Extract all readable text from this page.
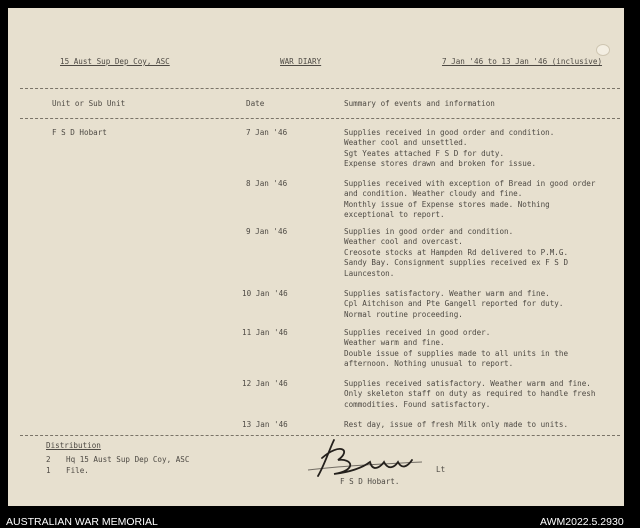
15 Aust Sup Dep Coy, ASC	WAR DIARY	7 Jan '46 to 13 Jan '46 (inclusive)
Unit or Sub Unit	Date	Summary of events and information
F S D Hobart	7 Jan '46	Supplies received in good order and condition.
Weather cool and unsettled.
Sgt Yeates attached F S D for duty.
Expense stores drawn and broken for issue.
8 Jan '46	Supplies received with exception of Bread in good order
and condition. Weather cloudy and fine.
Monthly issue of Expense stores made. Nothing
exceptional to report.
9 Jan '46	Supplies in good order and condition.
Weather cool and overcast.
Creosote stocks at Hampden Rd delivered to P.M.G.
Sandy Bay. Consignment supplies received ex F S D
Launceston.
10 Jan '46	Supplies satisfactory. Weather warm and fine.
Cpl Aitchison and Pte Gangell reported for duty.
Normal routine proceeding.
11 Jan '46	Supplies received in good order.
Weather warm and fine.
Double issue of supplies made to all units in the
afternoon. Nothing unusual to report.
12 Jan '46	Supplies received satisfactory. Weather warm and fine.
Only skeleton staff on duty as required to handle fresh
commodities. Found satisfactory.
13 Jan '46	Rest day, issue of fresh Milk only made to units.
Distribution
2 Hq 15 Aust Sup Dep Coy, ASC
1 File.	Lt
F S D Hobart.
AUSTRALIAN WAR MEMORIAL	AWM2022.5.2930
